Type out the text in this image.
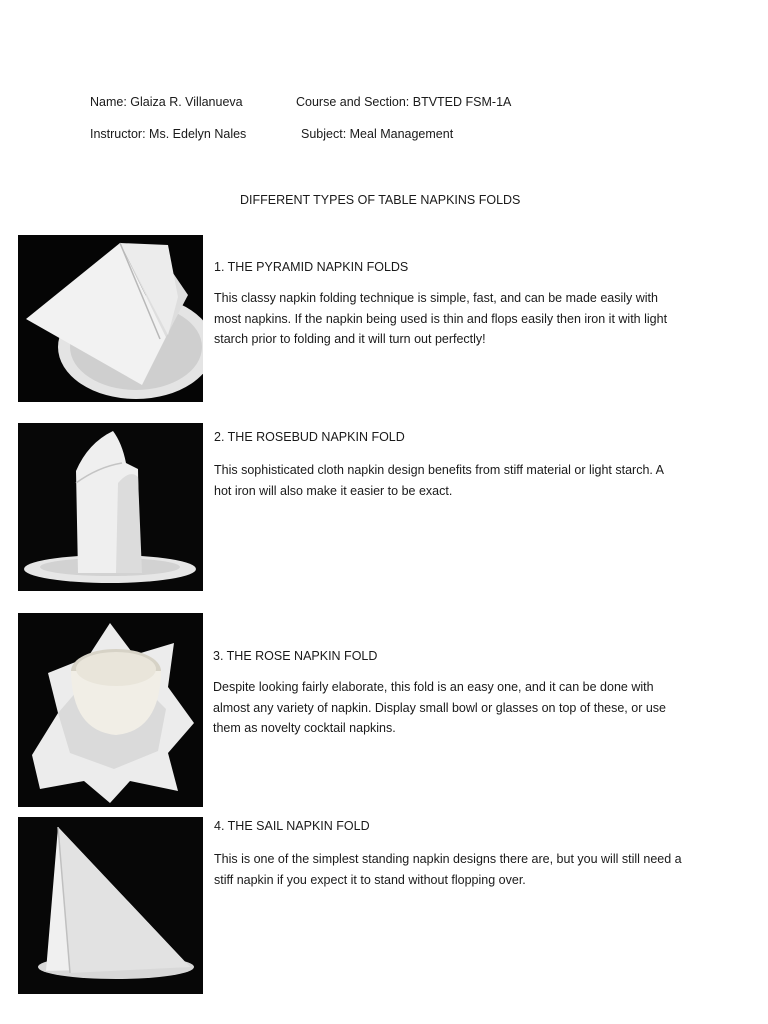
Name: Glaiza R. Villanueva	Course and Section: BTVTED FSM-1A
Instructor: Ms. Edelyn Nales	Subject: Meal Management
DIFFERENT TYPES OF TABLE NAPKINS FOLDS
1. THE PYRAMID NAPKIN FOLDS
This classy napkin folding technique is simple, fast, and can be made easily with most napkins. If the napkin being used is thin and flops easily then iron it with light starch prior to folding and it will turn out perfectly!
2. THE ROSEBUD NAPKIN FOLD
This sophisticated cloth napkin design benefits from stiff material or light starch. A hot iron will also make it easier to be exact.
3. THE ROSE NAPKIN FOLD
Despite looking fairly elaborate, this fold is an easy one, and it can be done with almost any variety of napkin. Display small bowl or glasses on top of these, or use them as novelty cocktail napkins.
4. THE SAIL NAPKIN FOLD
This is one of the simplest standing napkin designs there are, but you will still need a stiff napkin if you expect it to stand without flopping over.
